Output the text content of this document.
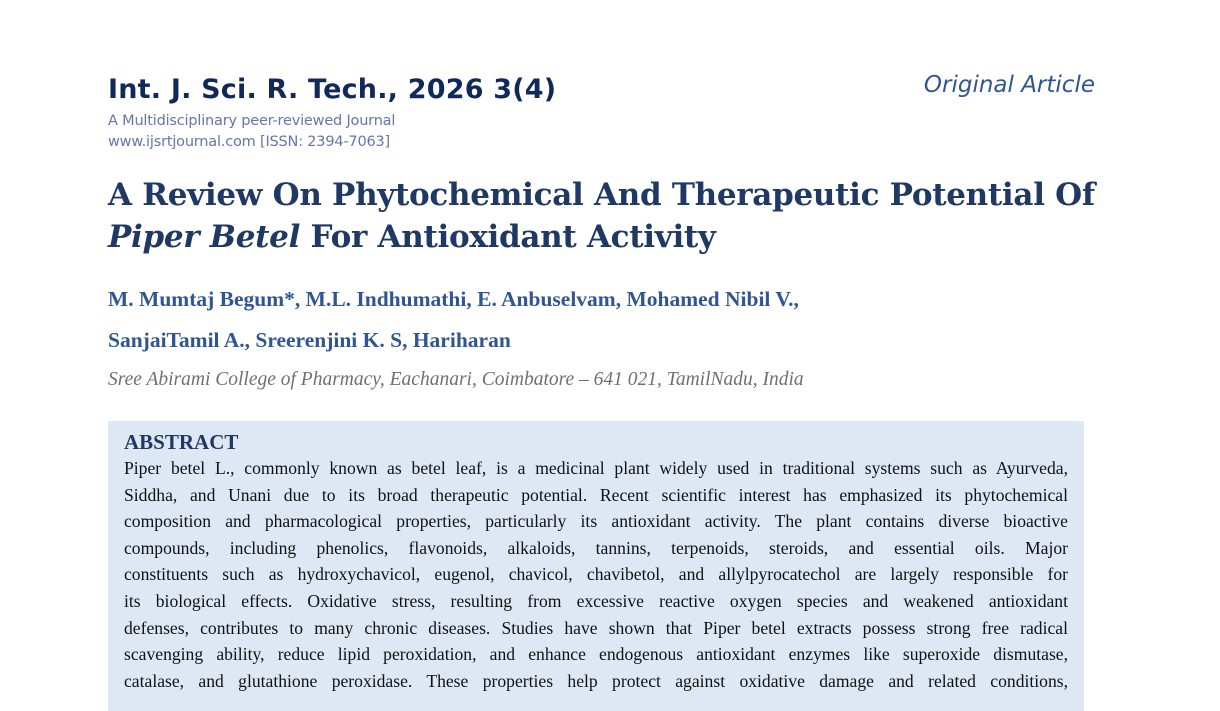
Int. J. Sci. R. Tech., 2026 3(4)
A Multidisciplinary peer-reviewed Journal
www.ijsrtjournal.com [ISSN: 2394-7063]
Original Article
A Review On Phytochemical And Therapeutic Potential Of
Piper Betel For Antioxidant Activity
M. Mumtaj Begum*, M.L. Indhumathi, E. Anbuselvam, Mohamed Nibil V.,
SanjaiTamil A., Sreerenjini K. S, Hariharan
Sree Abirami College of Pharmacy, Eachanari, Coimbatore – 641 021, TamilNadu, India
ABSTRACT
Piper betel L., commonly known as betel leaf, is a medicinal plant widely used in traditional systems such as Ayurveda,
Siddha, and Unani due to its broad therapeutic potential. Recent scientific interest has emphasized its phytochemical
composition and pharmacological properties, particularly its antioxidant activity. The plant contains diverse bioactive
compounds, including phenolics, flavonoids, alkaloids, tannins, terpenoids, steroids, and essential oils. Major
constituents such as hydroxychavicol, eugenol, chavicol, chavibetol, and allylpyrocatechol are largely responsible for
its biological effects. Oxidative stress, resulting from excessive reactive oxygen species and weakened antioxidant
defenses, contributes to many chronic diseases. Studies have shown that Piper betel extracts possess strong free radical
scavenging ability, reduce lipid peroxidation, and enhance endogenous antioxidant enzymes like superoxide dismutase,
catalase, and glutathione peroxidase. These properties help protect against oxidative damage and related conditions,
